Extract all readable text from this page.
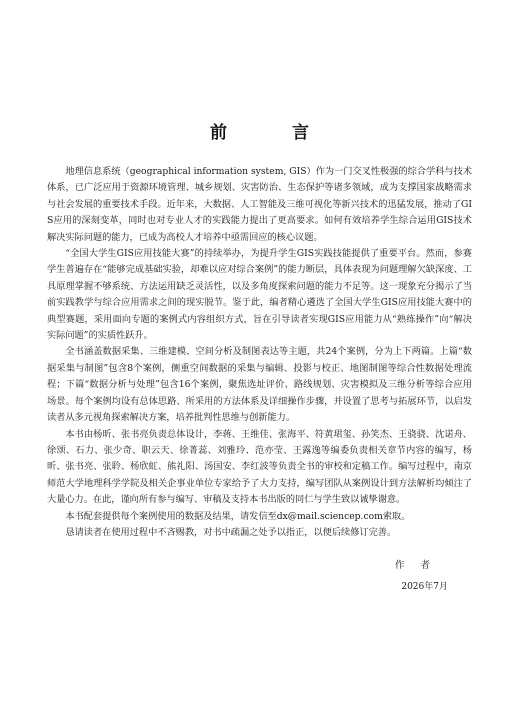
前　言

地理信息系统（geographical information system, GIS）作为一门交叉性极强的综合学科与技术体系，已广泛应用于资源环境管理、城乡规划、灾害防治、生态保护等诸多领域，成为支撑国家战略需求与社会发展的重要技术手段。近年来，大数据、人工智能及三维可视化等新兴技术的迅猛发展，推动了GIS应用的深刻变革，同时也对专业人才的实践能力提出了更高要求。如何有效培养学生综合运用GIS技术解决实际问题的能力，已成为高校人才培养中亟需回应的核心议题。

“全国大学生GIS应用技能大赛”的持续举办，为提升学生GIS实践技能提供了重要平台。然而，参赛学生普遍存在“能够完成基础实验，却难以应对综合案例”的能力断层，具体表现为问题理解欠缺深度、工具原理掌握不够系统、方法运用缺乏灵活性，以及多角度探索问题的能力不足等。这一现象充分揭示了当前实践教学与综合应用需求之间的现实脱节。鉴于此，编者精心遴选了全国大学生GIS应用技能大赛中的典型赛题，采用面向专题的案例式内容组织方式，旨在引导读者实现GIS应用能力从“熟练操作”向“解决实际问题”的实质性跃升。

全书涵盖数据采集、三维建模、空间分析及制图表达等主题，共24个案例，分为上下两篇。上篇“数据采集与制图”包含8个案例，侧重空间数据的采集与编辑、投影与校正、地图制图等综合性数据处理流程；下篇“数据分析与处理”包含16个案例，聚焦选址评价、路线规划、灾害模拟及三维分析等综合应用场景。每个案例均设有总体思路、所采用的方法体系及详细操作步骤，并设置了思考与拓展环节，以启发读者从多元视角探索解决方案，培养批判性思维与创新能力。

本书由杨昕、张书亮负责总体设计，李蒋、王维佳、张海平、符黄珺玺、孙笑杰、王骁骁、沈诺舟、徐颂、石力、张少奇、职云天、徐菁蕊、刘雅玲、范亦莹、王露逸等编委负责相关章节内容的编写，杨昕、张书亮、张聆、杨欣虹、熊礼阳、汤国安、李红波等负责全书的审校和定稿工作。编写过程中，南京师范大学地理科学学院及相关企事业单位专家给予了大力支持，编写团队从案例设计到方法解析均倾注了大量心力。在此，谨向所有参与编写、审稿及支持本书出版的同仁与学生致以诚挚谢意。

本书配套提供每个案例使用的数据及结果，请发信至dx@mail.sciencep.com索取。

恳请读者在使用过程中不吝赐教，对书中疏漏之处予以指正，以便后续修订完善。

作者
2026年7月
